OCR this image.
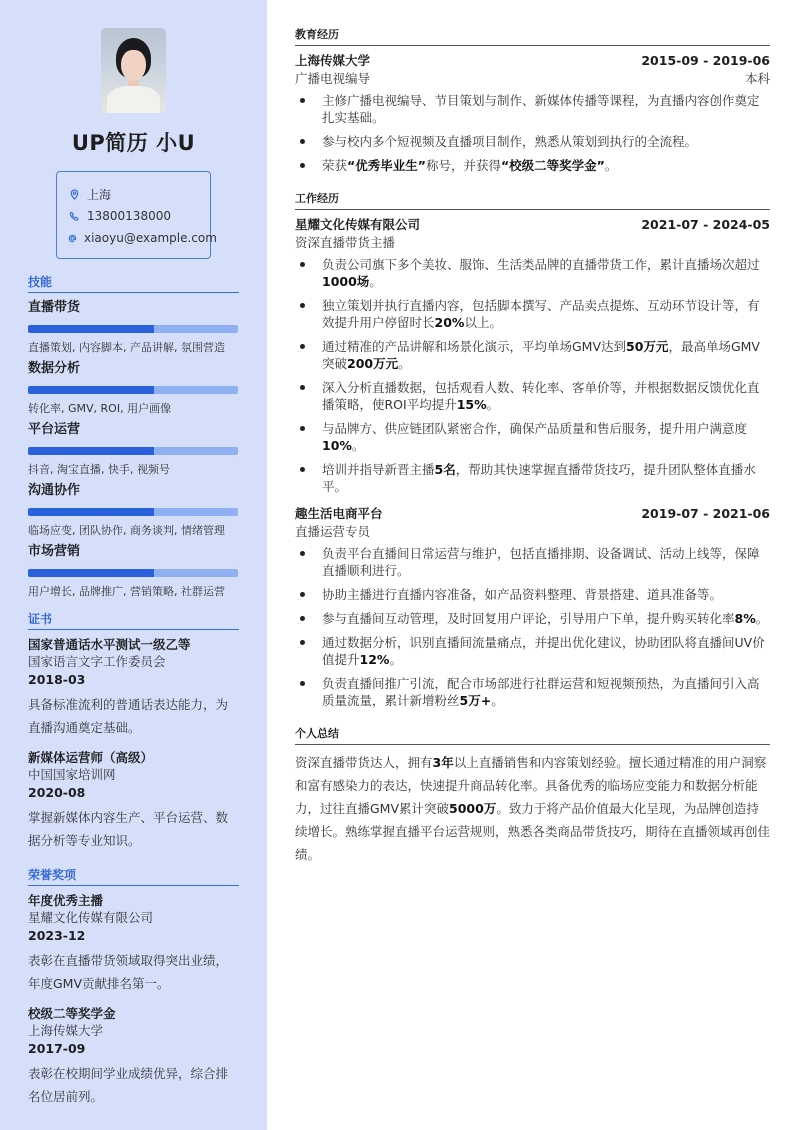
UP简历 小U
上海
13800138000
xiaoyu@example.com
技能
直播带货
直播策划, 内容脚本, 产品讲解, 氛围营造
数据分析
转化率, GMV, ROI, 用户画像
平台运营
抖音, 淘宝直播, 快手, 视频号
沟通协作
临场应变, 团队协作, 商务谈判, 情绪管理
市场营销
用户增长, 品牌推广, 营销策略, 社群运营
证书
国家普通话水平测试一级乙等
国家语言文字工作委员会
2018-03
具备标准流利的普通话表达能力，为直播沟通奠定基础。
新媒体运营师（高级）
中国国家培训网
2020-08
掌握新媒体内容生产、平台运营、数据分析等专业知识。
荣誉奖项
年度优秀主播
星耀文化传媒有限公司
2023-12
表彰在直播带货领域取得突出业绩，年度GMV贡献排名第一。
校级二等奖学金
上海传媒大学
2017-09
表彰在校期间学业成绩优异，综合排名位居前列。
教育经历
上海传媒大学	2015-09 - 2019-06
广播电视编导	本科
主修广播电视编导、节目策划与制作、新媒体传播等课程，为直播内容创作奠定扎实基础。
参与校内多个短视频及直播项目制作，熟悉从策划到执行的全流程。
荣获“优秀毕业生”称号，并获得“校级二等奖学金”。
工作经历
星耀文化传媒有限公司	2021-07 - 2024-05
资深直播带货主播
负责公司旗下多个美妆、服饰、生活类品牌的直播带货工作，累计直播场次超过1000场。
独立策划并执行直播内容，包括脚本撰写、产品卖点提炼、互动环节设计等，有效提升用户停留时长20%以上。
通过精准的产品讲解和场景化演示，平均单场GMV达到50万元，最高单场GMV突破200万元。
深入分析直播数据，包括观看人数、转化率、客单价等，并根据数据反馈优化直播策略，使ROI平均提升15%。
与品牌方、供应链团队紧密合作，确保产品质量和售后服务，提升用户满意度10%。
培训并指导新晋主播5名，帮助其快速掌握直播带货技巧，提升团队整体直播水平。
趣生活电商平台	2019-07 - 2021-06
直播运营专员
负责平台直播间日常运营与维护，包括直播排期、设备调试、活动上线等，保障直播顺利进行。
协助主播进行直播内容准备，如产品资料整理、背景搭建、道具准备等。
参与直播间互动管理，及时回复用户评论，引导用户下单，提升购买转化率8%。
通过数据分析，识别直播间流量痛点，并提出优化建议，协助团队将直播间UV价值提升12%。
负责直播间推广引流，配合市场部进行社群运营和短视频预热，为直播间引入高质量流量，累计新增粉丝5万+。
个人总结

资深直播带货达人，拥有3年以上直播销售和内容策划经验。擅长通过精准的用户洞察和富有感染力的表达，快速提升商品转化率。具备优秀的临场应变能力和数据分析能力，过往直播GMV累计突破5000万。致力于将产品价值最大化呈现，为品牌创造持续增长。熟练掌握直播平台运营规则，熟悉各类商品带货技巧，期待在直播领域再创佳绩。
